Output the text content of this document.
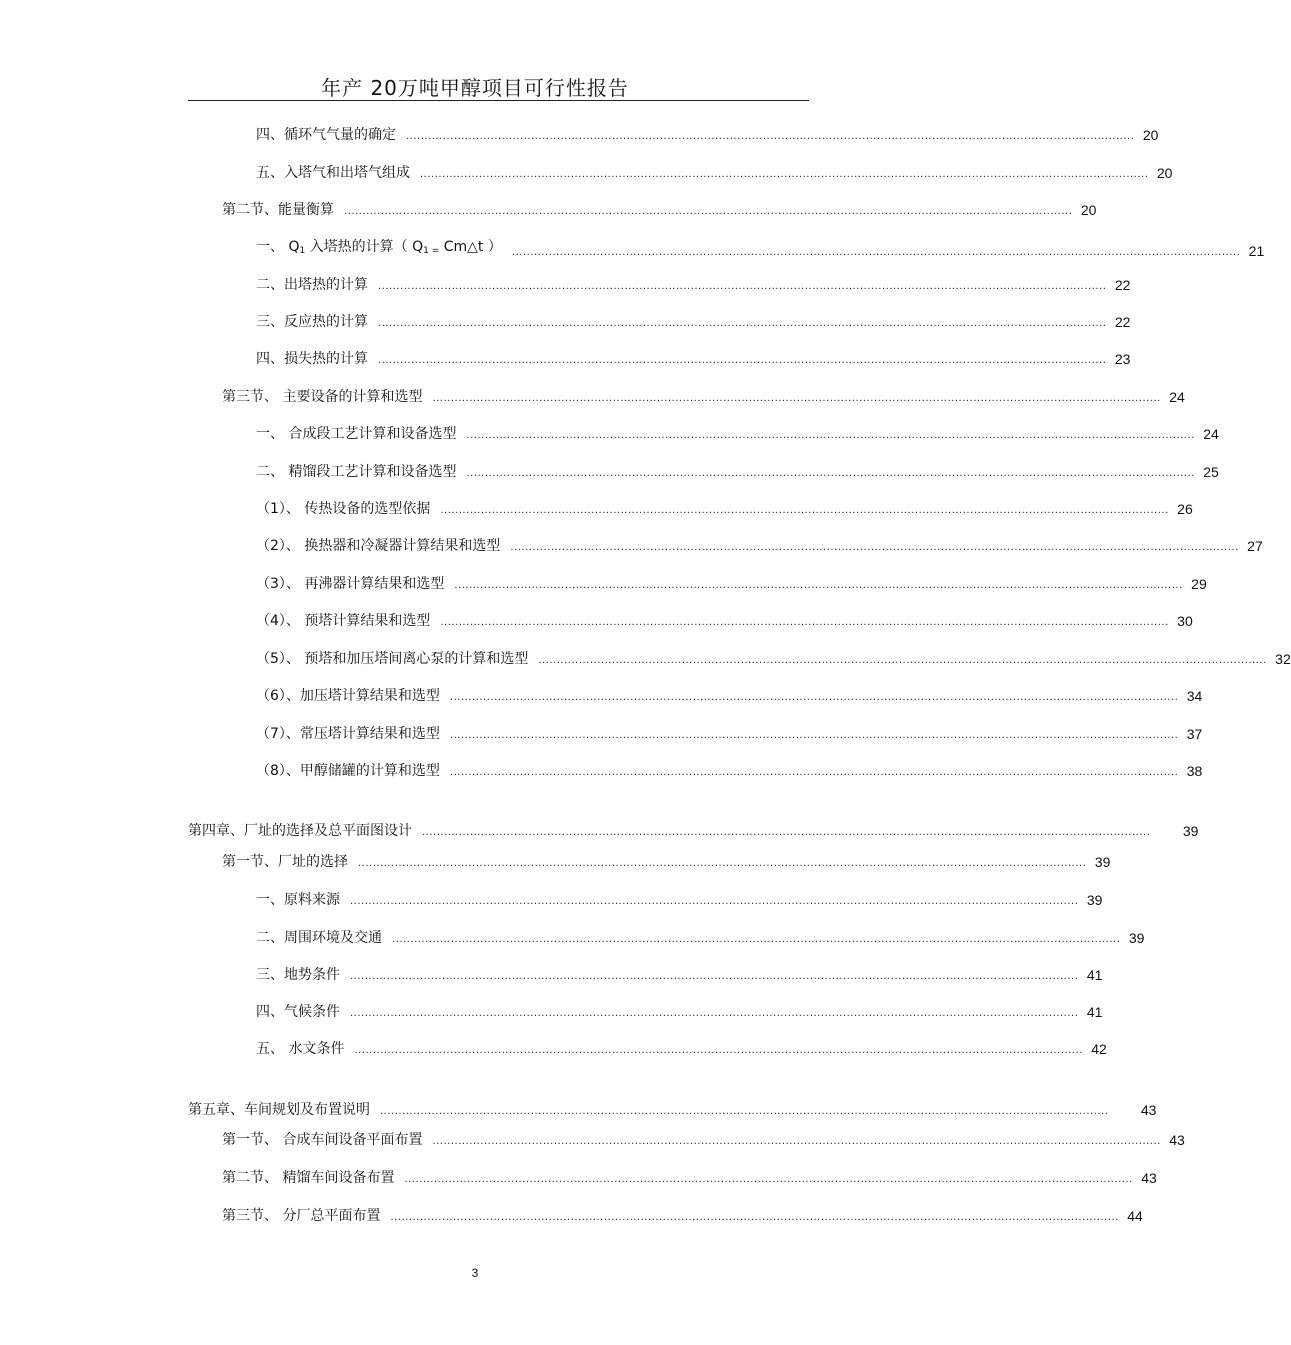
年产 20万吨甲醇项目可行性报告
四、循环气气量的确定 ...................................................................................................................................................................................................... 20
五、入塔气和出塔气组成 ...................................................................................................................................................................................................... 20
第二节、能量衡算 ...................................................................................................................................................................................................... 20
一、 $Q_1$ 入塔热的计算（ $Q_{1 =}$ Cm△t ） ...................................................................................................................................................................................................... 21
二、出塔热的计算 ...................................................................................................................................................................................................... 22
三、反应热的计算 ...................................................................................................................................................................................................... 22
四、损失热的计算 ...................................................................................................................................................................................................... 23
第三节、 主要设备的计算和选型 ...................................................................................................................................................................................................... 24
一、 合成段工艺计算和设备选型 ...................................................................................................................................................................................................... 24
二、 精馏段工艺计算和设备选型 ...................................................................................................................................................................................................... 25
（1）、 传热设备的选型依据 ...................................................................................................................................................................................................... 26
（2）、 换热器和冷凝器计算结果和选型 ...................................................................................................................................................................................................... 27
（3）、 再沸器计算结果和选型 ...................................................................................................................................................................................................... 29
（4）、 预塔计算结果和选型 ...................................................................................................................................................................................................... 30
（5）、 预塔和加压塔间离心泵的计算和选型 ...................................................................................................................................................................................................... 32
（6）、加压塔计算结果和选型 ...................................................................................................................................................................................................... 34
（7）、常压塔计算结果和选型 ...................................................................................................................................................................................................... 37
（8）、甲醇储罐的计算和选型 ...................................................................................................................................................................................................... 38
第四章、厂址的选择及总平面图设计 ...................................................................................................................................................................................................... 39
第一节、厂址的选择 ...................................................................................................................................................................................................... 39
一、原料来源 ...................................................................................................................................................................................................... 39
二、周围环境及交通 ...................................................................................................................................................................................................... 39
三、地势条件 ...................................................................................................................................................................................................... 41
四、气候条件 ...................................................................................................................................................................................................... 41
五、 水文条件 ...................................................................................................................................................................................................... 42
第五章、车间规划及布置说明 ...................................................................................................................................................................................................... 43
第一节、 合成车间设备平面布置 ...................................................................................................................................................................................................... 43
第二节、 精馏车间设备布置 ...................................................................................................................................................................................................... 43
第三节、 分厂总平面布置 ...................................................................................................................................................................................................... 44
3
